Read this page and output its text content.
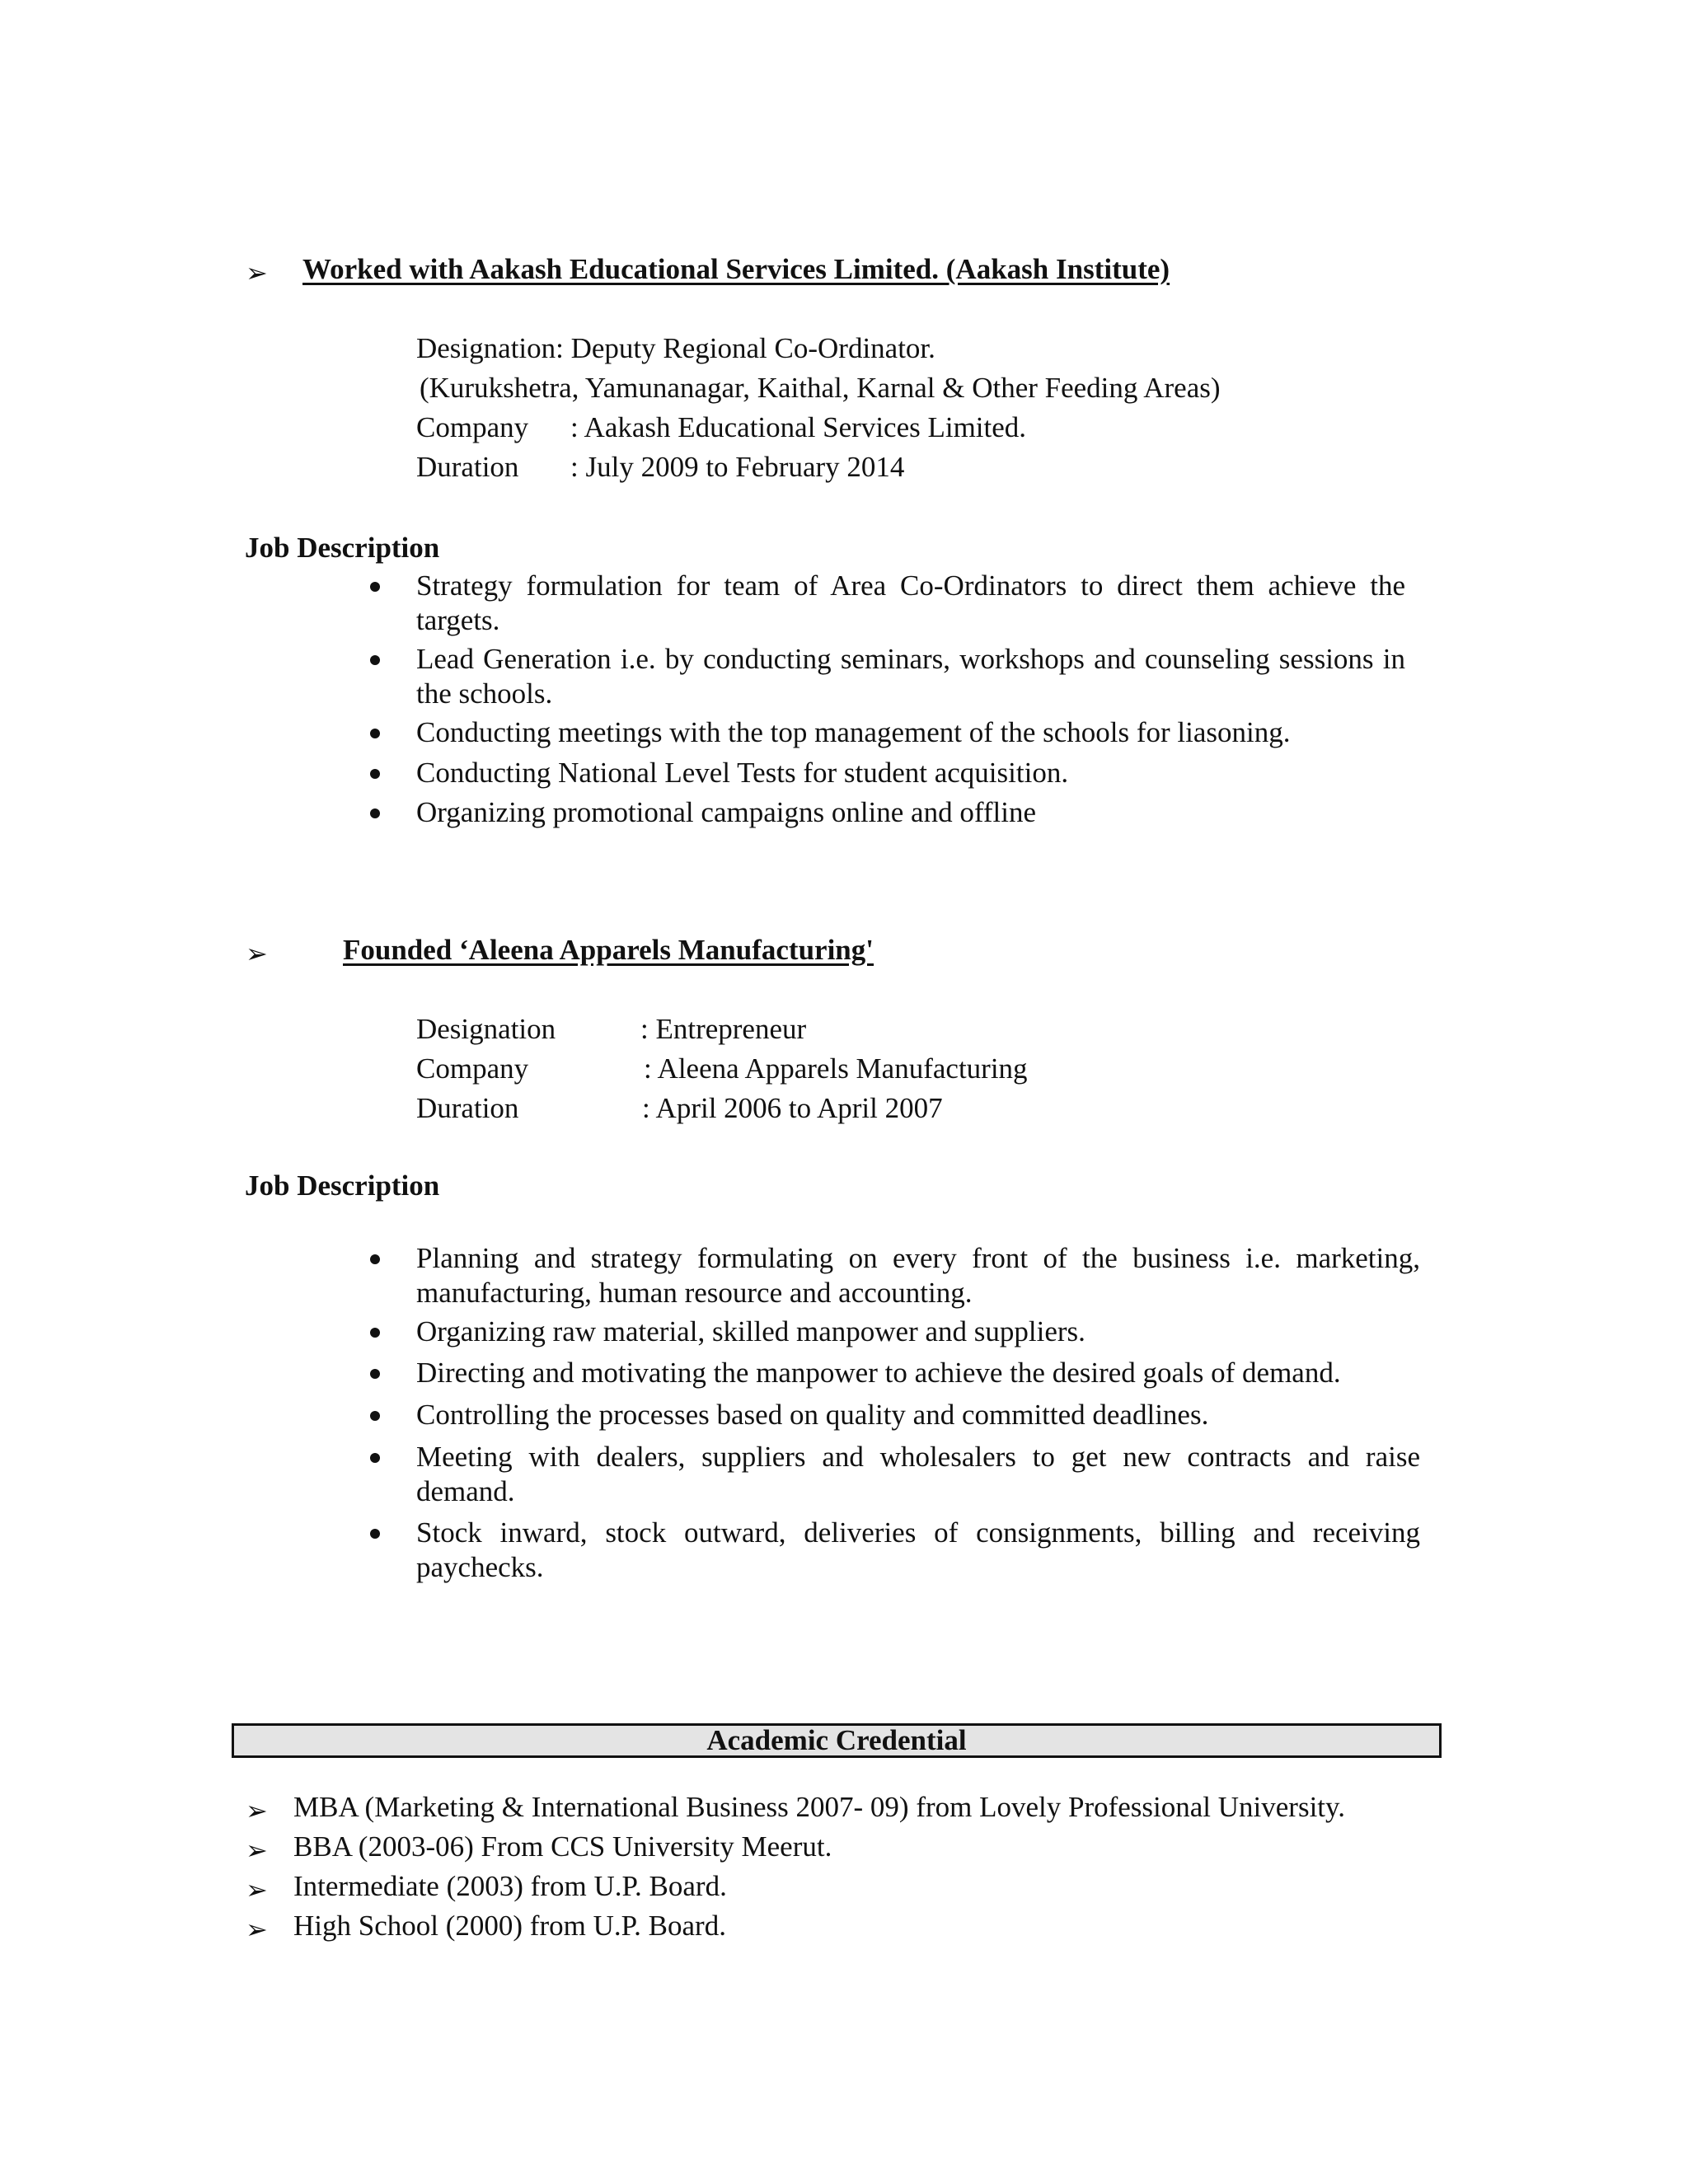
➢ Worked with Aakash Educational Services Limited. (Aakash Institute)
Designation: Deputy Regional Co-Ordinator.
(Kurukshetra, Yamunanagar, Kaithal, Karnal & Other Feeding Areas)
Company : Aakash Educational Services Limited.
Duration : July 2009 to February 2014
Job Description
Strategy formulation for team of Area Co-Ordinators to direct them achieve the targets.
Lead Generation i.e. by conducting seminars, workshops and counseling sessions in the schools.
Conducting meetings with the top management of the schools for liasoning.
Conducting National Level Tests for student acquisition.
Organizing promotional campaigns online and offline
➢	Founded ‘Aleena Apparels Manufacturing'
Designation	: Entrepreneur
Company	: Aleena Apparels Manufacturing
Duration	: April 2006 to April 2007
Job Description
Planning and strategy formulating on every front of the business i.e. marketing, manufacturing, human resource and accounting.
Organizing raw material, skilled manpower and suppliers.
Directing and motivating the manpower to achieve the desired goals of demand.
Controlling the processes based on quality and committed deadlines.
Meeting with dealers, suppliers and wholesalers to get new contracts and raise demand.
Stock inward, stock outward, deliveries of consignments, billing and receiving paychecks.
Academic Credential
➢ MBA (Marketing & International Business 2007- 09) from Lovely Professional University.
➢ BBA (2003-06) From CCS University Meerut.
➢ Intermediate (2003) from U.P. Board.
➢ High School (2000) from U.P. Board.
